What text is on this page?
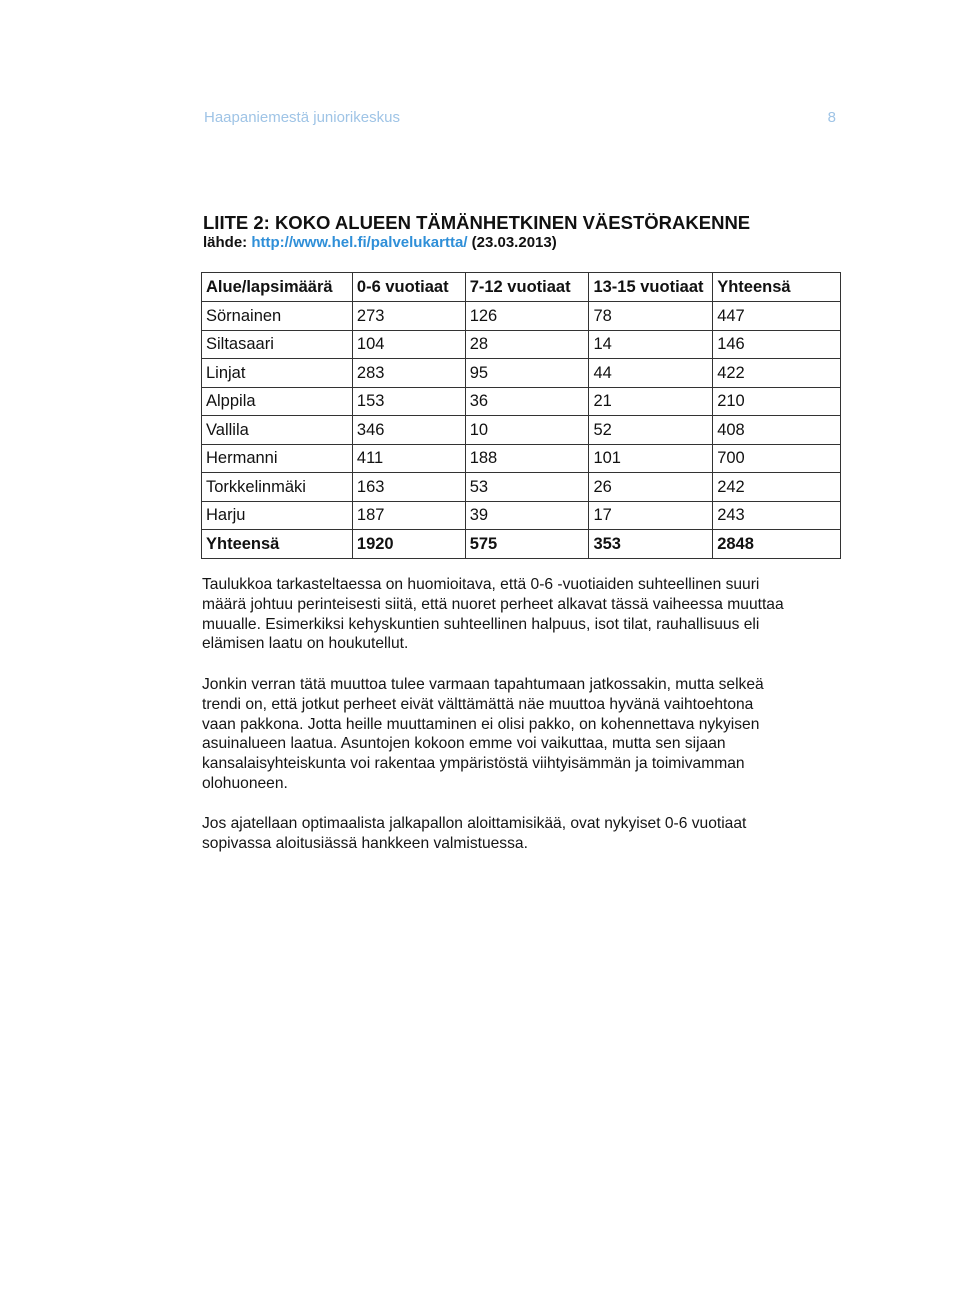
Haapaniemestä juniorikeskus	8
LIITE 2: KOKO ALUEEN TÄMÄNHETKINEN VÄESTÖRAKENNE
lähde: http://www.hel.fi/palvelukartta/ (23.03.2013)
Alue/lapsimäärä	0-6 vuotiaat	7-12 vuotiaat	13-15 vuotiaat	Yhteensä
Sörnainen	273	126	78	447
Siltasaari	104	28	14	146
Linjat	283	95	44	422
Alppila	153	36	21	210
Vallila	346	10	52	408
Hermanni	411	188	101	700
Torkkelinmäki	163	53	26	242
Harju	187	39	17	243
Yhteensä	1920	575	353	2848
Taulukkoa tarkasteltaessa on huomioitava, että 0-6 -vuotiaiden suhteellinen suuri
määrä johtuu perinteisesti siitä, että nuoret perheet alkavat tässä vaiheessa muuttaa
muualle. Esimerkiksi kehyskuntien suhteellinen halpuus, isot tilat, rauhallisuus eli
elämisen laatu on houkutellut.
Jonkin verran tätä muuttoa tulee varmaan tapahtumaan jatkossakin, mutta selkeä
trendi on, että jotkut perheet eivät välttämättä näe muuttoa hyvänä vaihtoehtona
vaan pakkona. Jotta heille muuttaminen ei olisi pakko, on kohennettava nykyisen
asuinalueen laatua. Asuntojen kokoon emme voi vaikuttaa, mutta sen sijaan
kansalaisyhteiskunta voi rakentaa ympäristöstä viihtyisämmän ja toimivamman
olohuoneen.
Jos ajatellaan optimaalista jalkapallon aloittamisikää, ovat nykyiset 0-6 vuotiaat
sopivassa aloitusiässä hankkeen valmistuessa.
